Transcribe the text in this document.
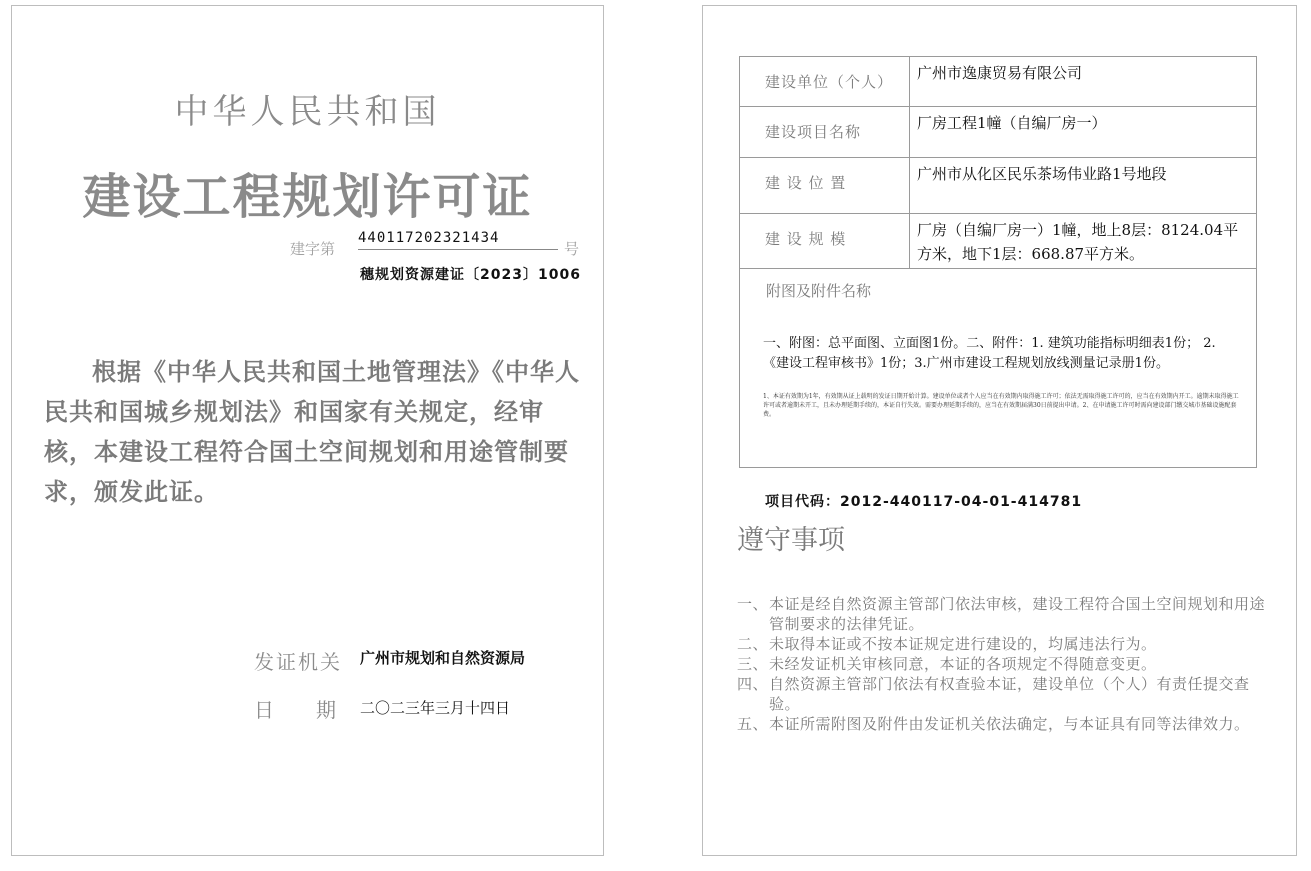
中华人民共和国
建设工程规划许可证
建字第
440117202321434
号
穗规划资源建证〔2023〕1006
根据《中华人民共和国土地管理法》《中华人民共和国城乡规划法》和国家有关规定，经审核，本建设工程符合国土空间规划和用途管制要求，颁发此证。
发证机关 广州市规划和自然资源局
日 期 二〇二三年三月十四日
建设单位（个人）	广州市逸康贸易有限公司
建设项目名称	厂房工程1幢（自编厂房一）
建 设 位 置	广州市从化区民乐茶场伟业路1号地段
建 设 规 模	厂房（自编厂房一）1幢，地上8层：8124.04平方米，地下1层：668.87平方米。

附图及附件名称
一、附图：总平面图、立面图1份。二、附件：1. 建筑功能指标明细表1份； 2.《建设工程审核书》1份；3.广州市建设工程规划放线测量记录册1份。
1、本证有效期为1年，有效期从证上载明的发证日期开始计算。建设单位或者个人应当在有效期内取得施工许可；依法无需取得施工许可的，应当在有效期内开工。逾期未取得施工许可或者逾期未开工，且未办理延期手续的，本证自行失效。需要办理延期手续的，应当在有效期届满30日前提出申请。2、在申请施工许可时需向建设部门缴交城市基础设施配套费。	
项目代码：2012-440117-04-01-414781
遵守事项
一、 本证是经自然资源主管部门依法审核，建设工程符合国土空间规划和用途管制要求的法律凭证。
二、 未取得本证或不按本证规定进行建设的，均属违法行为。
三、 未经发证机关审核同意，本证的各项规定不得随意变更。
四、 自然资源主管部门依法有权查验本证，建设单位（个人）有责任提交查验。
五、 本证所需附图及附件由发证机关依法确定，与本证具有同等法律效力。
